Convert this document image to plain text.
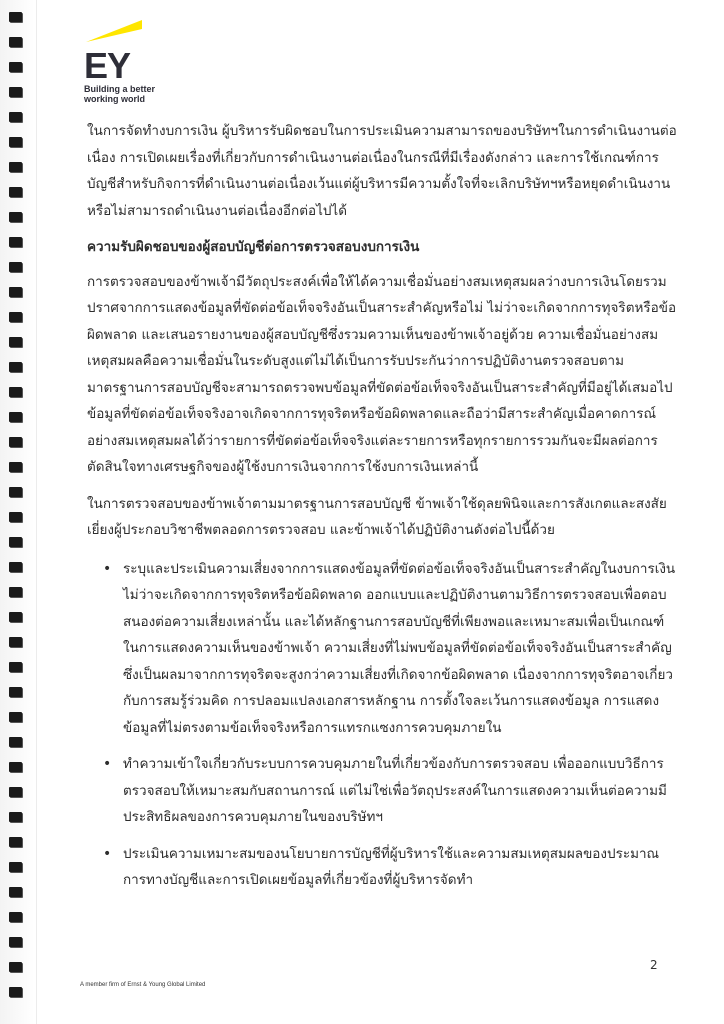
EY
Building a better
working world

ในการจัดทำงบการเงิน ผู้บริหารรับผิดชอบในการประเมินความสามารถของบริษัทฯในการดำเนินงานต่อเนื่อง การเปิดเผยเรื่องที่เกี่ยวกับการดำเนินงานต่อเนื่องในกรณีที่มีเรื่องดังกล่าว และการใช้เกณฑ์การบัญชีสำหรับกิจการที่ดำเนินงานต่อเนื่องเว้นแต่ผู้บริหารมีความตั้งใจที่จะเลิกบริษัทฯหรือหยุดดำเนินงานหรือไม่สามารถดำเนินงานต่อเนื่องอีกต่อไปได้

ความรับผิดชอบของผู้สอบบัญชีต่อการตรวจสอบงบการเงิน

การตรวจสอบของข้าพเจ้ามีวัตถุประสงค์เพื่อให้ได้ความเชื่อมั่นอย่างสมเหตุสมผลว่างบการเงินโดยรวมปราศจากการแสดงข้อมูลที่ขัดต่อข้อเท็จจริงอันเป็นสาระสำคัญหรือไม่ ไม่ว่าจะเกิดจากการทุจริตหรือข้อผิดพลาด และเสนอรายงานของผู้สอบบัญชีซึ่งรวมความเห็นของข้าพเจ้าอยู่ด้วย ความเชื่อมั่นอย่างสมเหตุสมผลคือความเชื่อมั่นในระดับสูงแต่ไม่ได้เป็นการรับประกันว่าการปฏิบัติงานตรวจสอบตามมาตรฐานการสอบบัญชีจะสามารถตรวจพบข้อมูลที่ขัดต่อข้อเท็จจริงอันเป็นสาระสำคัญที่มีอยู่ได้เสมอไป ข้อมูลที่ขัดต่อข้อเท็จจริงอาจเกิดจากการทุจริตหรือข้อผิดพลาดและถือว่ามีสาระสำคัญเมื่อคาดการณ์อย่างสมเหตุสมผลได้ว่ารายการที่ขัดต่อข้อเท็จจริงแต่ละรายการหรือทุกรายการรวมกันจะมีผลต่อการตัดสินใจทางเศรษฐกิจของผู้ใช้งบการเงินจากการใช้งบการเงินเหล่านี้

ในการตรวจสอบของข้าพเจ้าตามมาตรฐานการสอบบัญชี ข้าพเจ้าใช้ดุลยพินิจและการสังเกตและสงสัยเยี่ยงผู้ประกอบวิชาชีพตลอดการตรวจสอบ และข้าพเจ้าได้ปฏิบัติงานดังต่อไปนี้ด้วย

• ระบุและประเมินความเสี่ยงจากการแสดงข้อมูลที่ขัดต่อข้อเท็จจริงอันเป็นสาระสำคัญในงบการเงิน ไม่ว่าจะเกิดจากการทุจริตหรือข้อผิดพลาด ออกแบบและปฏิบัติงานตามวิธีการตรวจสอบเพื่อตอบสนองต่อความเสี่ยงเหล่านั้น และได้หลักฐานการสอบบัญชีที่เพียงพอและเหมาะสมเพื่อเป็นเกณฑ์ในการแสดงความเห็นของข้าพเจ้า ความเสี่ยงที่ไม่พบข้อมูลที่ขัดต่อข้อเท็จจริงอันเป็นสาระสำคัญซึ่งเป็นผลมาจากการทุจริตจะสูงกว่าความเสี่ยงที่เกิดจากข้อผิดพลาด เนื่องจากการทุจริตอาจเกี่ยวกับการสมรู้ร่วมคิด การปลอมแปลงเอกสารหลักฐาน การตั้งใจละเว้นการแสดงข้อมูล การแสดงข้อมูลที่ไม่ตรงตามข้อเท็จจริงหรือการแทรกแซงการควบคุมภายใน
• ทำความเข้าใจเกี่ยวกับระบบการควบคุมภายในที่เกี่ยวข้องกับการตรวจสอบ เพื่อออกแบบวิธีการตรวจสอบให้เหมาะสมกับสถานการณ์ แต่ไม่ใช่เพื่อวัตถุประสงค์ในการแสดงความเห็นต่อความมีประสิทธิผลของการควบคุมภายในของบริษัทฯ
• ประเมินความเหมาะสมของนโยบายการบัญชีที่ผู้บริหารใช้และความสมเหตุสมผลของประมาณการทางบัญชีและการเปิดเผยข้อมูลที่เกี่ยวข้องที่ผู้บริหารจัดทำ
2
A member firm of Ernst & Young Global Limited
